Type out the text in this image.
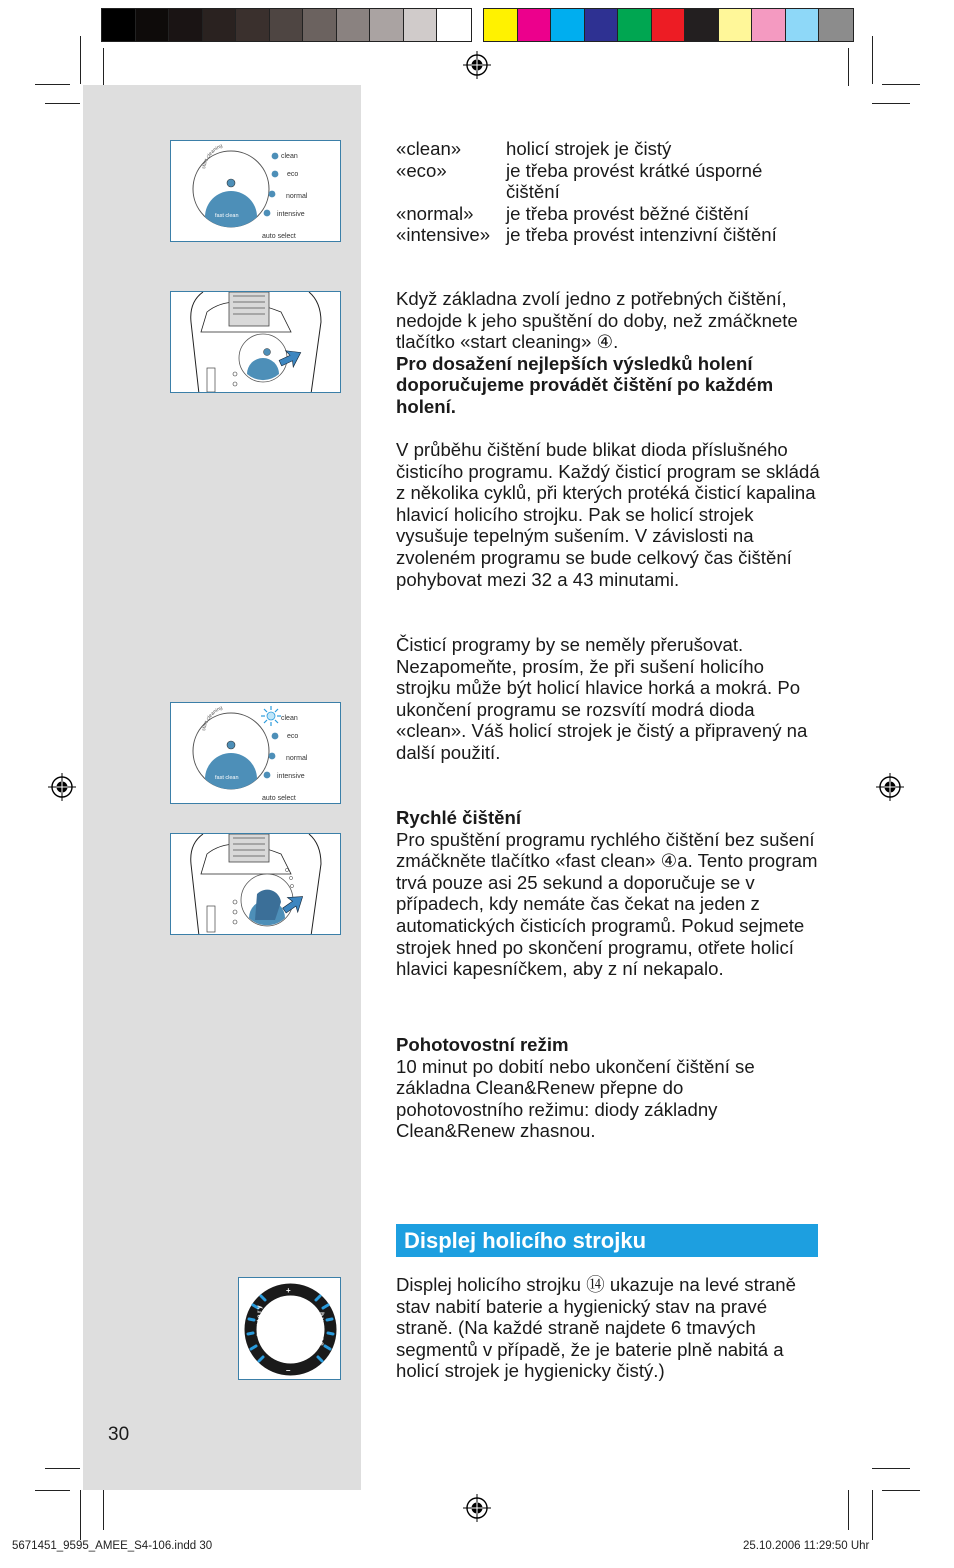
start cleaning
fast clean
clean
eco
normal
intensive
auto select
start cleaning
fast clean
clean
eco
normal
intensive
auto select
+
–
battery	hygiene
«clean»	holicí strojek je čistý
«eco»	je třeba provést krátké úsporné čištění
«normal»	je třeba provést běžné čištění
«intensive» je třeba provést intenzivní čištění

Když základna zvolí jedno z potřebných čištění, nedojde k jeho spuštění do doby, než zmáčknete tlačítko «start cleaning» ④.

Pro dosažení nejlepších výsledků holení doporučujeme provádět čištění po každém holení.

V průběhu čištění bude blikat dioda příslušného čisticího programu. Každý čisticí program se skládá z několika cyklů, při kterých protéká čisticí kapalina hlavicí holicího strojku. Pak se holicí strojek vysušuje tepelným sušením. V závislosti na zvoleném programu se bude celkový čas čištění pohybovat mezi 32 a 43 minutami.
Čisticí programy by se neměly přerušovat. Nezapomeňte, prosím, že při sušení holicího strojku může být holicí hlavice horká a mokrá. Po ukončení programu se rozsvítí modrá dioda «clean». Váš holicí strojek je čistý a připravený na další použití.

Rychlé čištění

Pro spuštění programu rychlého čištění bez sušení zmáčkněte tlačítko «fast clean» ④a. Tento program trvá pouze asi 25 sekund a doporučuje se v případech, kdy nemáte čas čekat na jeden z automatických čisticích programů. Pokud sejmete strojek hned po skončení programu, otřete holicí hlavici kapesníčkem, aby z ní nekapalo.

Pohotovostní režim

10 minut po dobití nebo ukončení čištění se základna Clean&Renew přepne do pohotovostního režimu: diody základny Clean&Renew zhasnou.

Displej holicího strojku
Displej holicího strojku ⑭ ukazuje na levé straně stav nabití baterie a hygienický stav na pravé straně. (Na každé straně najdete 6 tmavých segmentů v případě, že je baterie plně nabitá a holicí strojek je hygienicky čistý.)
30
5671451_9595_AMEE_S4-106.indd 30	25.10.2006 11:29:50 Uhr
